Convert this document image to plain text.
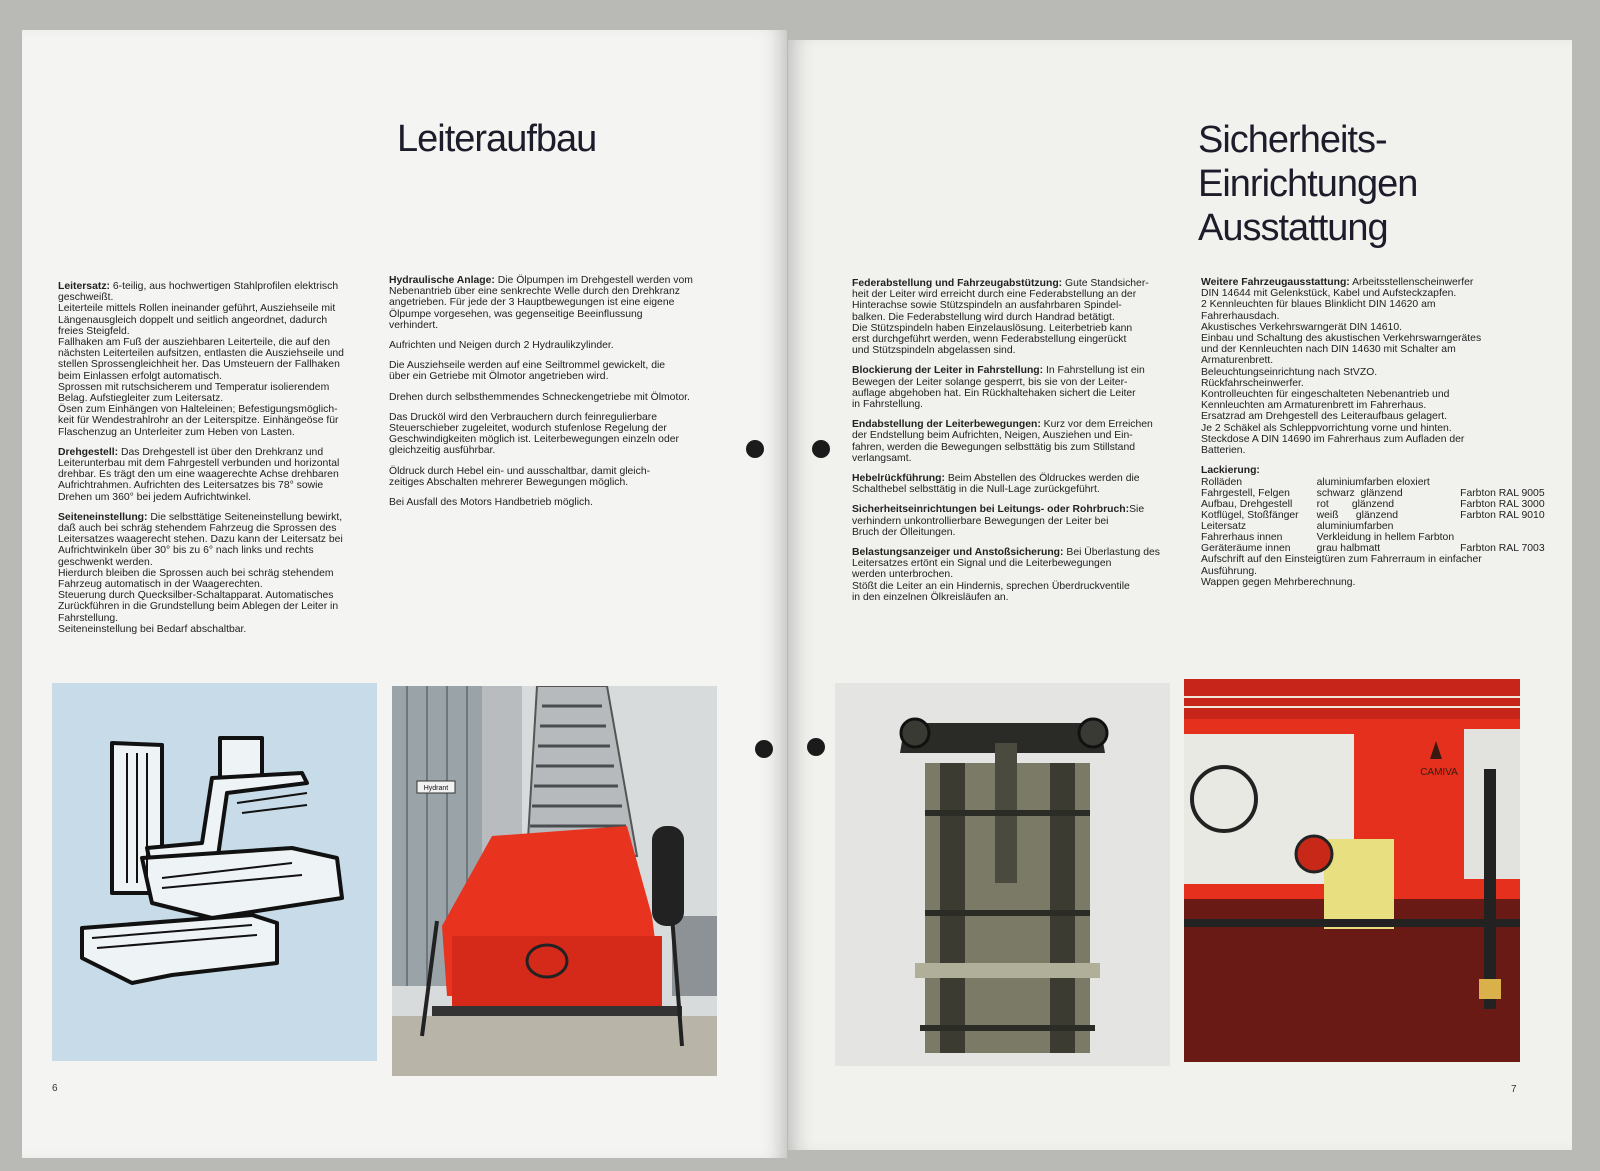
Leiteraufbau

Leitersatz: 6-teilig, aus hochwertigen Stahlprofilen elektrisch
geschweißt.
Leiterteile mittels Rollen ineinander geführt, Ausziehseile mit
Längenausgleich doppelt und seitlich angeordnet, dadurch
freies Steigfeld.
Fallhaken am Fuß der ausziehbaren Leiterteile, die auf den
nächsten Leiterteilen aufsitzen, entlasten die Ausziehseile und
stellen Sprossengleichheit her. Das Umsteuern der Fallhaken
beim Einlassen erfolgt automatisch.
Sprossen mit rutschsicherem und Temperatur isolierendem
Belag. Aufstiegleiter zum Leitersatz.
Ösen zum Einhängen von Halteleinen; Befestigungsmöglich-
keit für Wendestrahlrohr an der Leiterspitze. Einhängeöse für
Flaschenzug an Unterleiter zum Heben von Lasten.

Drehgestell: Das Drehgestell ist über den Drehkranz und
Leiterunterbau mit dem Fahrgestell verbunden und horizontal
drehbar. Es trägt den um eine waagerechte Achse drehbaren
Aufrichtrahmen. Aufrichten des Leitersatzes bis 78° sowie
Drehen um 360° bei jedem Aufrichtwinkel.

Seiteneinstellung: Die selbsttätige Seiteneinstellung bewirkt,
daß auch bei schräg stehendem Fahrzeug die Sprossen des
Leitersatzes waagerecht stehen. Dazu kann der Leitersatz bei
Aufrichtwinkeln über 30° bis zu 6° nach links und rechts
geschwenkt werden.
Hierdurch bleiben die Sprossen auch bei schräg stehendem
Fahrzeug automatisch in der Waagerechten.
Steuerung durch Quecksilber-Schaltapparat. Automatisches
Zurückführen in die Grundstellung beim Ablegen der Leiter in
Fahrstellung.
Seiteneinstellung bei Bedarf abschaltbar.

Hydraulische Anlage: Die Ölpumpen im Drehgestell werden vom
Nebenantrieb über eine senkrechte Welle durch den Drehkranz
angetrieben. Für jede der 3 Hauptbewegungen ist eine eigene
Ölpumpe vorgesehen, was gegenseitige Beeinflussung
verhindert.

Aufrichten und Neigen durch 2 Hydraulikzylinder.

Die Ausziehseile werden auf eine Seiltrommel gewickelt, die
über ein Getriebe mit Ölmotor angetrieben wird.

Drehen durch selbsthemmendes Schneckengetriebe mit Ölmotor.

Das Drucköl wird den Verbrauchern durch feinregulierbare
Steuerschieber zugeleitet, wodurch stufenlose Regelung der
Geschwindigkeiten möglich ist. Leiterbewegungen einzeln oder
gleichzeitig ausführbar.

Öldruck durch Hebel ein- und ausschaltbar, damit gleich-
zeitiges Abschalten mehrerer Bewegungen möglich.

Bei Ausfall des Motors Handbetrieb möglich.

Hydrant
6
Sicherheits-
Einrichtungen
Ausstattung

Federabstellung und Fahrzeugabstützung: Gute Standsicher-
heit der Leiter wird erreicht durch eine Federabstellung an der
Hinterachse sowie Stützspindeln an ausfahrbaren Spindel-
balken. Die Federabstellung wird durch Handrad betätigt.
Die Stützspindeln haben Einzelauslösung. Leiterbetrieb kann
erst durchgeführt werden, wenn Federabstellung eingerückt
und Stützspindeln abgelassen sind.

Blockierung der Leiter in Fahrstellung: In Fahrstellung ist ein
Bewegen der Leiter solange gesperrt, bis sie von der Leiter-
auflage abgehoben hat. Ein Rückhaltehaken sichert die Leiter
in Fahrstellung.

Endabstellung der Leiterbewegungen: Kurz vor dem Erreichen
der Endstellung beim Aufrichten, Neigen, Ausziehen und Ein-
fahren, werden die Bewegungen selbsttätig bis zum Stillstand
verlangsamt.

Hebelrückführung: Beim Abstellen des Öldruckes werden die
Schalthebel selbsttätig in die Null-Lage zurückgeführt.

Sicherheitseinrichtungen bei Leitungs- oder Rohrbruch:Sie verhindern unkontrollierbare Bewegungen der Leiter bei
Bruch der Ölleitungen.

Belastungsanzeiger und Anstoßsicherung: Bei Überlastung des
Leitersatzes ertönt ein Signal und die Leiterbewegungen
werden unterbrochen.
Stößt die Leiter an ein Hindernis, sprechen Überdruckventile
in den einzelnen Ölkreisläufen an.

Weitere Fahrzeugausstattung: Arbeitsstellenscheinwerfer
DIN 14644 mit Gelenkstück, Kabel und Aufsteckzapfen.
2 Kennleuchten für blaues Blinklicht DIN 14620 am
Fahrerhausdach.
Akustisches Verkehrswarngerät DIN 14610.
Einbau und Schaltung des akustischen Verkehrswarngerätes
und der Kennleuchten nach DIN 14630 mit Schalter am
Armaturenbrett.
Beleuchtungseinrichtung nach StVZO.
Rückfahrscheinwerfer.
Kontrolleuchten für eingeschalteten Nebenantrieb und
Kennleuchten am Armaturenbrett im Fahrerhaus.
Ersatzrad am Drehgestell des Leiteraufbaus gelagert.
Je 2 Schäkel als Schleppvorrichtung vorne und hinten.
Steckdose A DIN 14690 im Fahrerhaus zum Aufladen der
Batterien.

Lackierung:

Rolläden	aluminiumfarben eloxiert	
Fahrgestell, Felgen	schwarz  glänzend	Farbton RAL 9005
Aufbau, Drehgestell	rot        glänzend	Farbton RAL 3000
Kotflügel, Stoßfänger	weiß      glänzend	Farbton RAL 9010
Leitersatz	aluminiumfarben	
Fahrerhaus innen	Verkleidung in hellem Farbton	
Geräteräume innen	grau halbmatt	Farbton RAL 7003
Aufschrift auf den Einsteigtüren zum Fahrerraum in einfacher
Ausführung.
Wappen gegen Mehrberechnung.
CAMIVA
7
